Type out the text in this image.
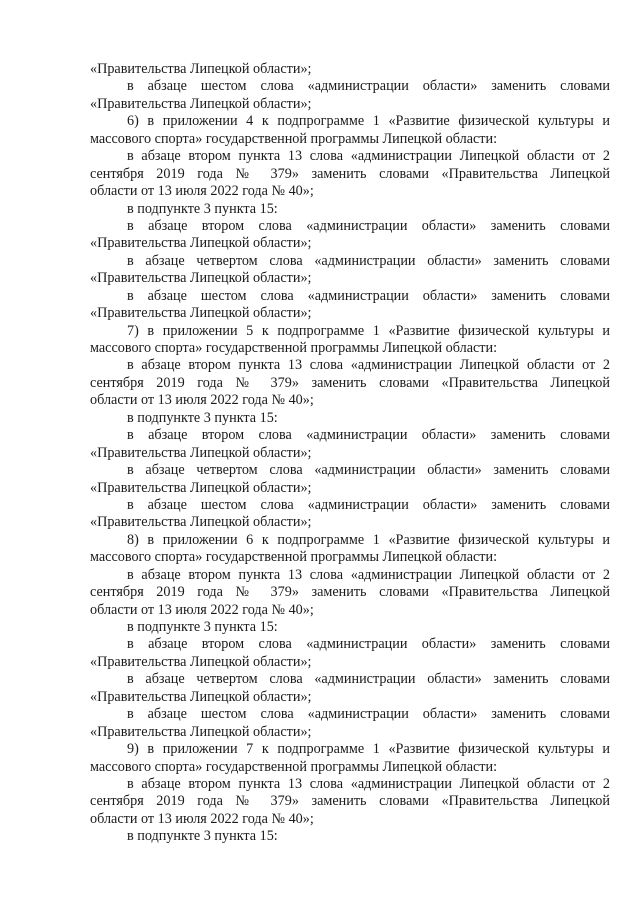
«Правительства Липецкой области»;
в абзаце шестом слова «администрации области» заменить словами
«Правительства Липецкой области»;
6) в приложении 4 к подпрограмме 1 «Развитие физической культуры и
массового спорта» государственной программы Липецкой области:
в абзаце втором пункта 13 слова «администрации Липецкой области от 2
сентября 2019 года № 379» заменить словами «Правительства Липецкой
области от 13 июля 2022 года № 40»;
в подпункте 3 пункта 15:
в абзаце втором слова «администрации области» заменить словами
«Правительства Липецкой области»;
в абзаце четвертом слова «администрации области» заменить словами
«Правительства Липецкой области»;
в абзаце шестом слова «администрации области» заменить словами
«Правительства Липецкой области»;
7) в приложении 5 к подпрограмме 1 «Развитие физической культуры и
массового спорта» государственной программы Липецкой области:
в абзаце втором пункта 13 слова «администрации Липецкой области от 2
сентября 2019 года № 379» заменить словами «Правительства Липецкой
области от 13 июля 2022 года № 40»;
в подпункте 3 пункта 15:
в абзаце втором слова «администрации области» заменить словами
«Правительства Липецкой области»;
в абзаце четвертом слова «администрации области» заменить словами
«Правительства Липецкой области»;
в абзаце шестом слова «администрации области» заменить словами
«Правительства Липецкой области»;
8) в приложении 6 к подпрограмме 1 «Развитие физической культуры и
массового спорта» государственной программы Липецкой области:
в абзаце втором пункта 13 слова «администрации Липецкой области от 2
сентября 2019 года № 379» заменить словами «Правительства Липецкой
области от 13 июля 2022 года № 40»;
в подпункте 3 пункта 15:
в абзаце втором слова «администрации области» заменить словами
«Правительства Липецкой области»;
в абзаце четвертом слова «администрации области» заменить словами
«Правительства Липецкой области»;
в абзаце шестом слова «администрации области» заменить словами
«Правительства Липецкой области»;
9) в приложении 7 к подпрограмме 1 «Развитие физической культуры и
массового спорта» государственной программы Липецкой области:
в абзаце втором пункта 13 слова «администрации Липецкой области от 2
сентября 2019 года № 379» заменить словами «Правительства Липецкой
области от 13 июля 2022 года № 40»;
в подпункте 3 пункта 15:
